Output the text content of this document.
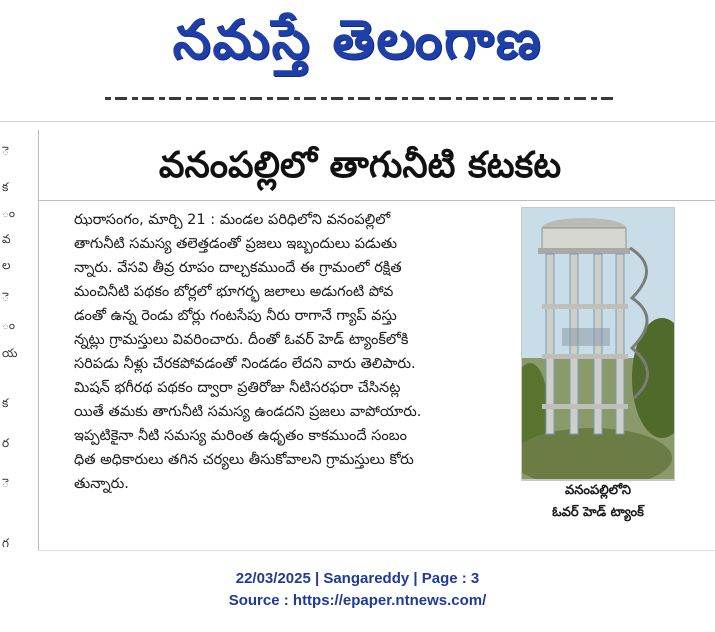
నమస్తే తెలంగాణ
ె
క
ం
వ
ల
ె
ం
య
క
ర
ె
గ
వనంపల్లిలో తాగునీటి కటకట
ఝరాసంగం, మార్చి 21 : మండల పరిధిలోని వనంపల్లిలో
తాగునీటి సమస్య తలెత్తడంతో ప్రజలు ఇబ్బందులు పడుతు
న్నారు. వేసవి తీవ్ర రూపం దాల్చకముందే ఈ గ్రామంలో రక్షిత
మంచినీటి పథకం బోర్లలో భూగర్భ జలాలు అడుగంటి పోవ
డంతో ఉన్న రెండు బోర్లు గంటసేపు నీరు రాగానే గ్యాప్ వస్తు
న్నట్లు గ్రామస్తులు వివరించారు. దీంతో ఓవర్ హెడ్ ట్యాంక్‌లోకి
సరిపడు నీళ్లు చేరకపోవడంతో నిండడం లేదని వారు తెలిపారు.
మిషన్ భగీరథ పథకం ద్వారా ప్రతిరోజు నీటిసరఫరా చేసినట్ల
యితే తమకు తాగునీటి సమస్య ఉండదని ప్రజలు వాపోయారు.
ఇప్పటికైనా నీటి సమస్య మరింత ఉధృతం కాకముందే సంబం
ధిత అధికారులు తగిన చర్యలు తీసుకోవాలని గ్రామస్తులు కోరు
తున్నారు.	వనంపల్లిలోని
ఓవర్ హెడ్ ట్యాంక్
22/03/2025 | Sangareddy | Page : 3
Source : https://epaper.ntnews.com/
